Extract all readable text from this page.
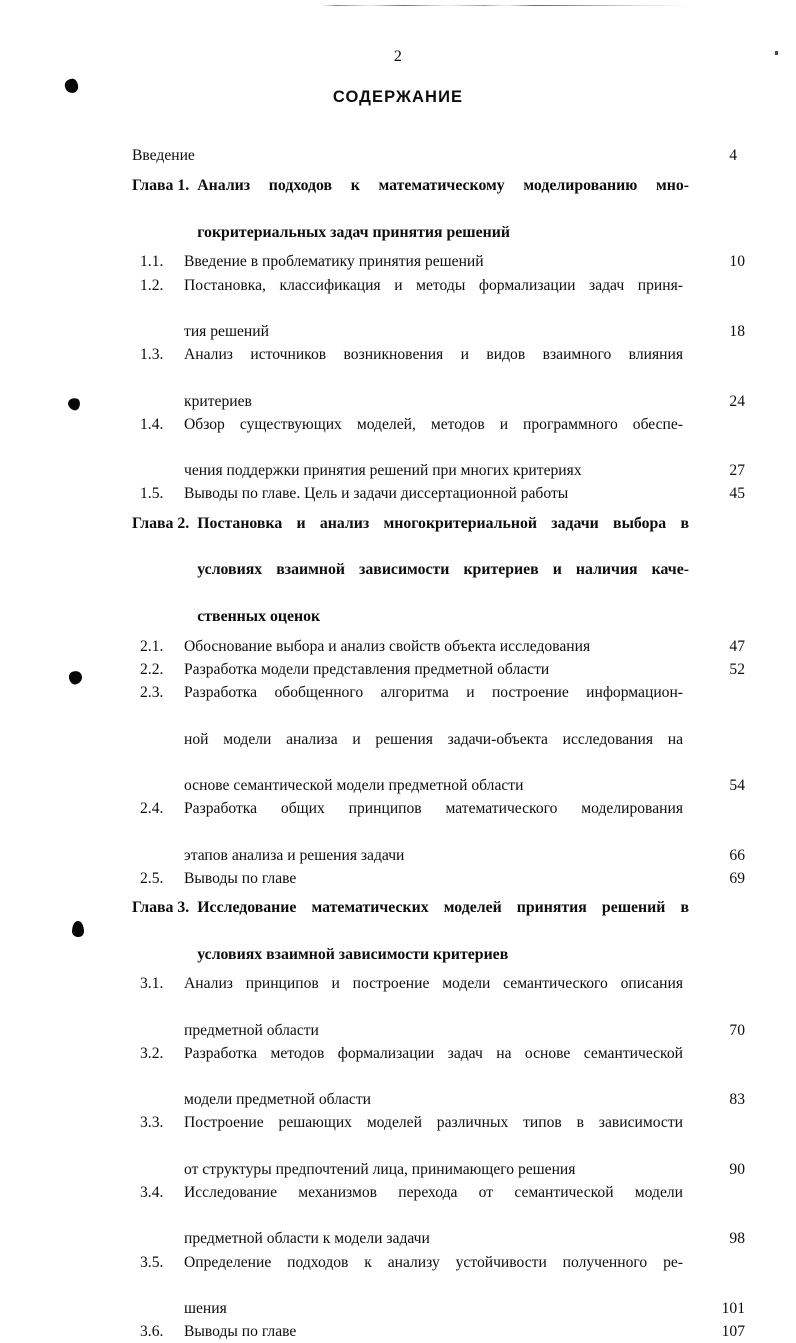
2
СОДЕРЖАНИЕ
Введение	4
Глава 1. Анализ подходов к математическому моделированию мно-
гокритериальных задач принятия решений
1.1.	Введение в проблематику принятия решений	10
1.2.	Постановка, классификация и методы формализации задач приня-
тия решений	18
1.3.	Анализ источников возникновения и видов взаимного влияния
критериев	24
1.4.	Обзор существующих моделей, методов и программного обеспе-
чения поддержки принятия решений при многих критериях	27
1.5.	Выводы по главе. Цель и задачи диссертационной работы	45
Глава 2. Постановка и анализ многокритериальной задачи выбора в
условиях взаимной зависимости критериев и наличия каче-
ственных оценок
2.1.	Обоснование выбора и анализ свойств объекта исследования	47
2.2.	Разработка модели представления предметной области	52
2.3.	Разработка обобщенного алгоритма и построение информацион-
ной модели анализа и решения задачи-объекта исследования на
основе семантической модели предметной области	54
2.4.	Разработка общих принципов математического моделирования
этапов анализа и решения задачи	66
2.5.	Выводы по главе	69
Глава 3. Исследование математических моделей принятия решений в
условиях взаимной зависимости критериев
3.1.	Анализ принципов и построение модели семантического описания
предметной области	70
3.2.	Разработка методов формализации задач на основе семантической
модели предметной области	83
3.3.	Построение решающих моделей различных типов в зависимости
от структуры предпочтений лица, принимающего решения	90
3.4.	Исследование механизмов перехода от семантической модели
предметной области к модели задачи	98
3.5.	Определение подходов к анализу устойчивости полученного ре-
шения	101
3.6.	Выводы по главе	107
